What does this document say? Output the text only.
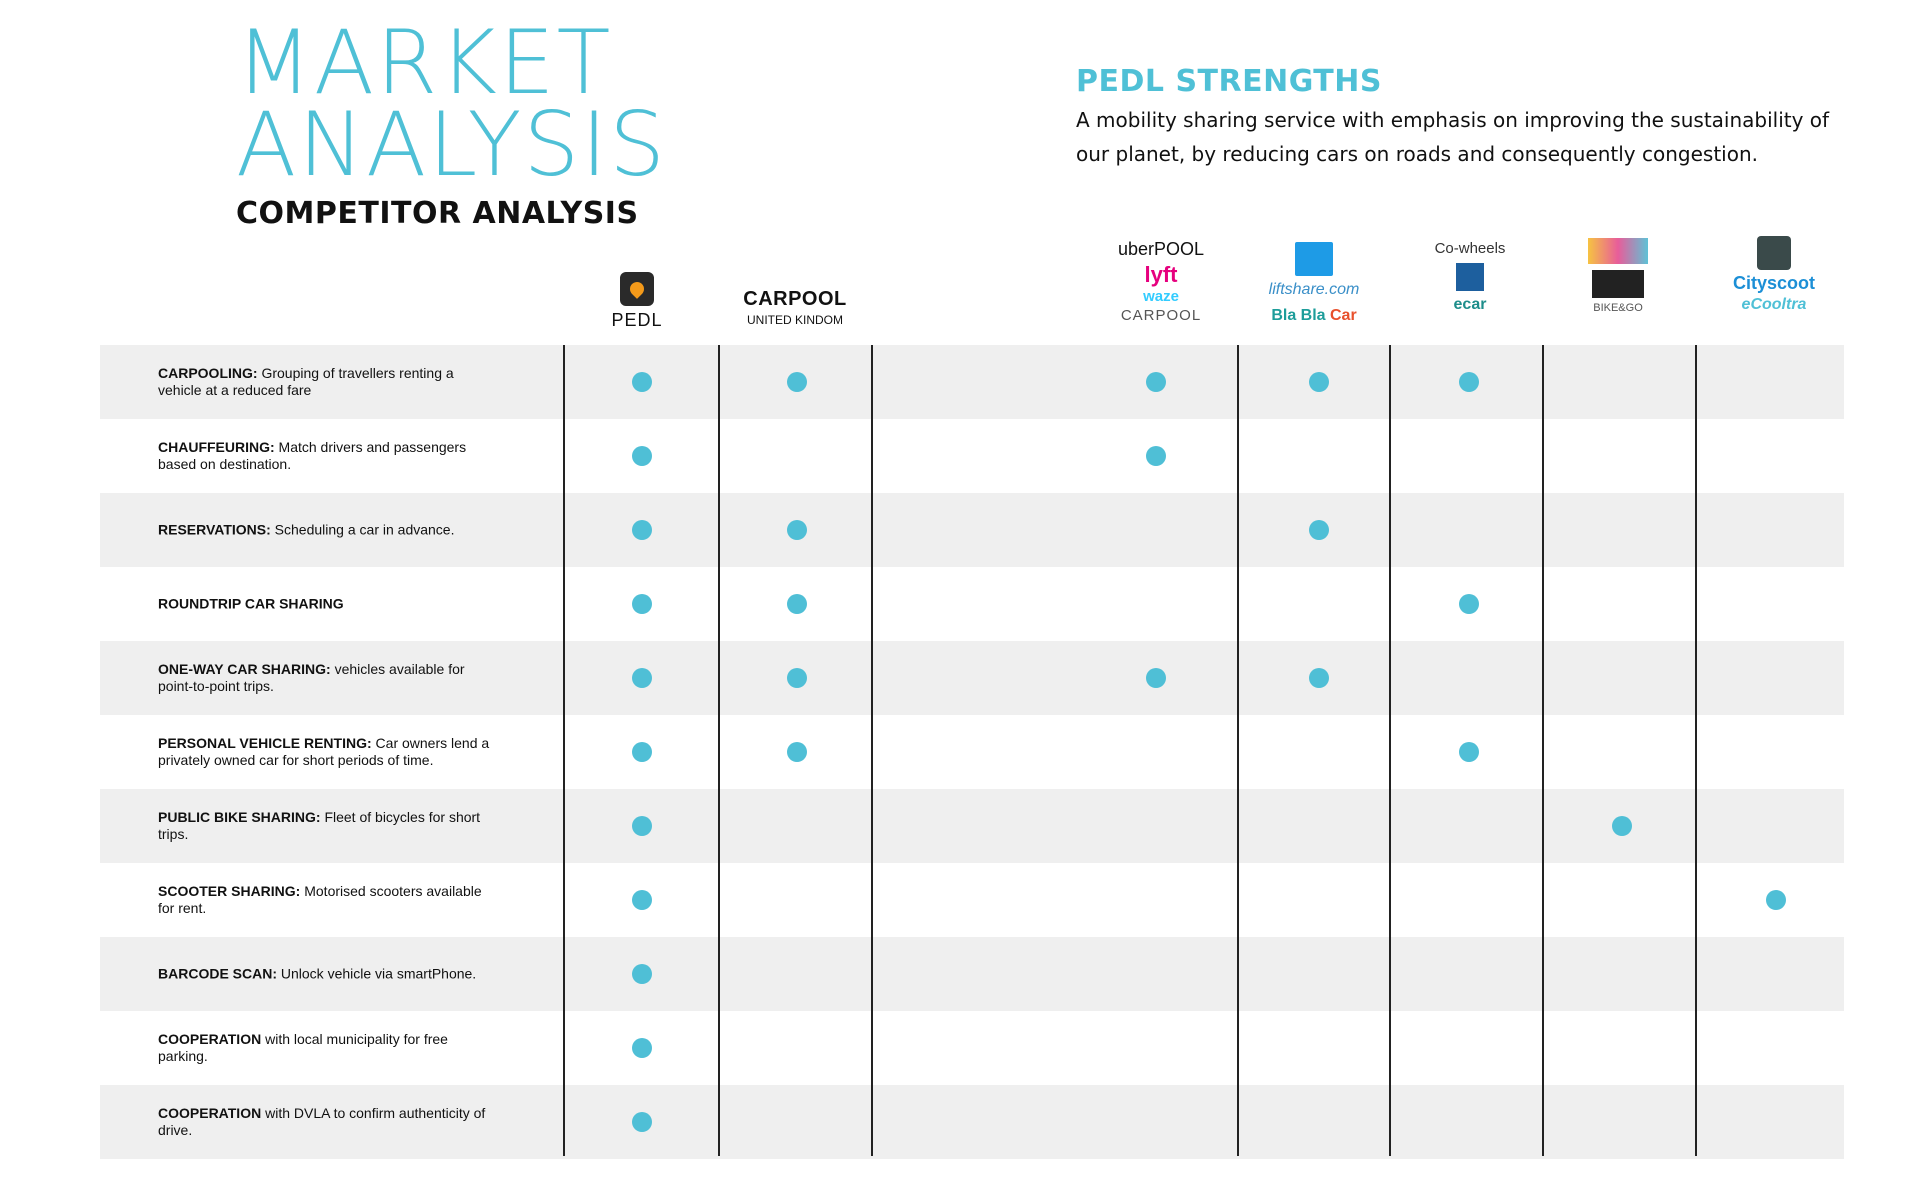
MARKET
ANALYSIS
COMPETITOR ANALYSIS
PEDL STRENGTHS
A mobility sharing service with emphasis on improving the sustainability of our planet, by reducing cars on roads and consequently congestion.
PEDL
CARPOOL
UNITED KINDOM
uberPOOL
lyft
waze
CARPOOL
liftshare.com
Bla Bla Car
Co-wheels
ecar	BIKE&GO
Cityscoot
eCooltra
CARPOOLING: Grouping of travellers renting a vehicle at a reduced fare
CHAUFFEURING: Match drivers and passengers based on destination.
RESERVATIONS: Scheduling a car in advance.
ROUNDTRIP CAR SHARING
ONE-WAY CAR SHARING: vehicles available for point-to-point trips.
PERSONAL VEHICLE RENTING: Car owners lend a privately owned car for short periods of time.
PUBLIC BIKE SHARING: Fleet of bicycles for short trips.
SCOOTER SHARING: Motorised scooters available for rent.
BARCODE SCAN: Unlock vehicle via smartPhone.
COOPERATION with local municipality for free parking.
COOPERATION with DVLA to confirm authenticity of drive.
